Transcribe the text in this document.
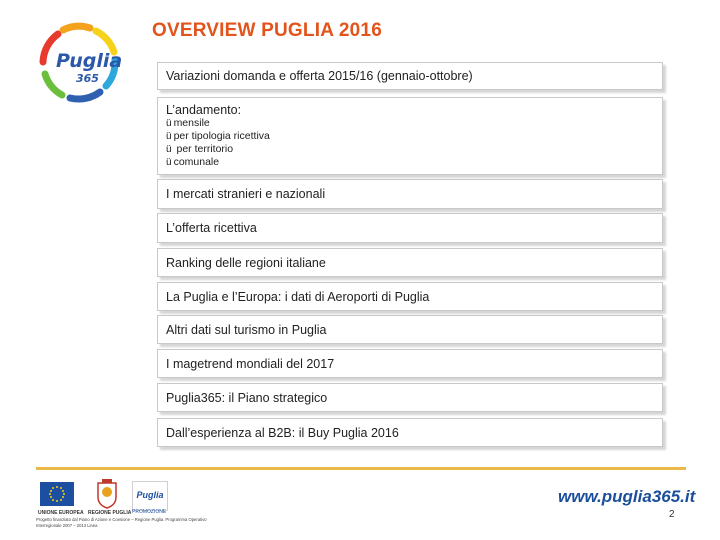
Puglia
365
OVERVIEW PUGLIA 2016
Variazioni domanda e offerta 2015/16 (gennaio-ottobre)
L’andamento:
ü mensile
ü per tipologia ricettiva
ü per territorio
ü comunale
I mercati stranieri e nazionali
L’offerta ricettiva
Ranking delle regioni italiane
La Puglia e l’Europa: i dati di Aeroporti di Puglia
Altri dati sul turismo in Puglia
I magetrend mondiali del 2017
Puglia365: il Piano strategico
Dall’esperienza al B2B: il Buy Puglia 2016
UNIONE EUROPEA REGIONE PUGLIA
Puglia
PROMOZIONE
Progetto finanziato dal Piano di Azione e Coesione – Regione Puglia. Programma Operativo Interregionale 2007 – 2013 Linea
www.puglia365.it
2
